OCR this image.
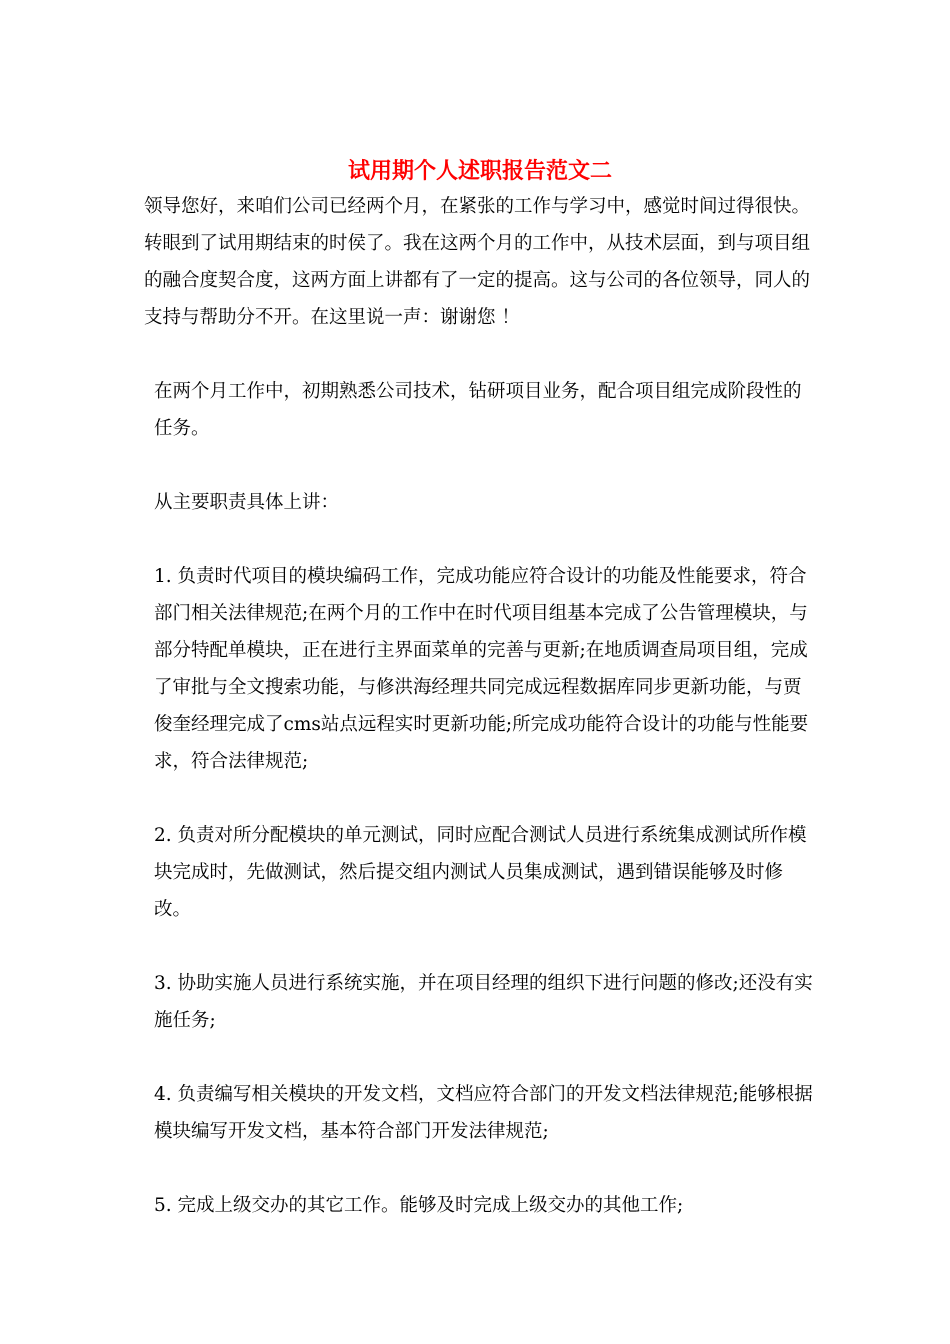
试用期个人述职报告范文二

领导您好，来咱们公司已经两个月，在紧张的工作与学习中，感觉时间过得很快。转眼到了试用期结束的时侯了。我在这两个月的工作中，从技术层面，到与项目组的融合度契合度，这两方面上讲都有了一定的提高。这与公司的各位领导，同人的支持与帮助分不开。在这里说一声：谢谢您 ！

在两个月工作中，初期熟悉公司技术，钻研项目业务，配合项目组完成阶段性的任务。

从主要职责具体上讲：

1. 负责时代项目的模块编码工作，完成功能应符合设计的功能及性能要求，符合部门相关法律规范;在两个月的工作中在时代项目组基本完成了公告管理模块，与部分特配单模块，正在进行主界面菜单的完善与更新;在地质调查局项目组，完成了审批与全文搜索功能，与修洪海经理共同完成远程数据库同步更新功能，与贾俊奎经理完成了cms站点远程实时更新功能;所完成功能符合设计的功能与性能要求，符合法律规范;

2. 负责对所分配模块的单元测试，同时应配合测试人员进行系统集成测试所作模块完成时，先做测试，然后提交组内测试人员集成测试，遇到错误能够及时修改。

3. 协助实施人员进行系统实施，并在项目经理的组织下进行问题的修改;还没有实施任务;

4. 负责编写相关模块的开发文档，文档应符合部门的开发文档法律规范;能够根据模块编写开发文档，基本符合部门开发法律规范;

5. 完成上级交办的其它工作。能够及时完成上级交办的其他工作;
